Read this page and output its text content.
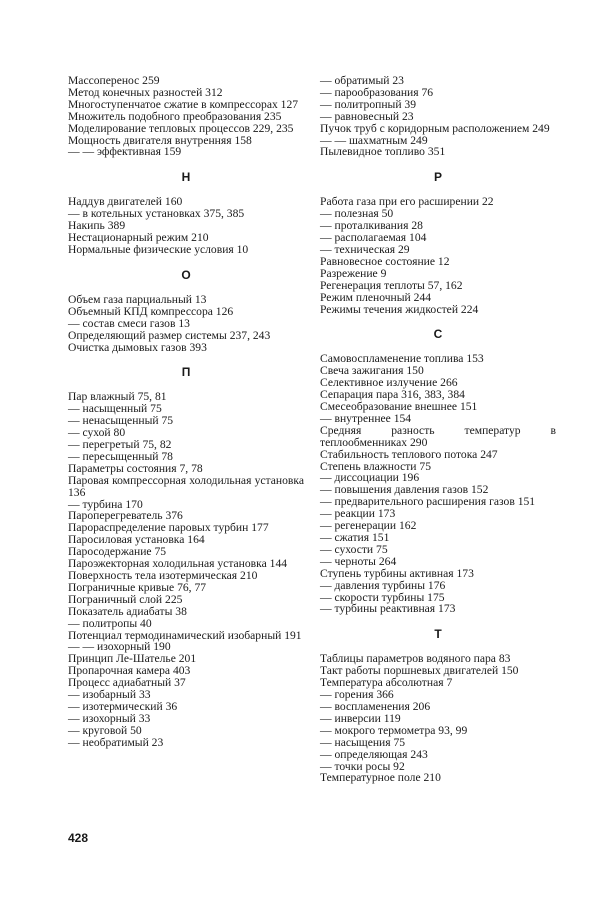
Массоперенос 259
Метод конечных разностей 312
Многоступенчатое сжатие в компрессорах 127
Множитель подобного преобразования 235
Моделирование тепловых процессов 229, 235
Мощность двигателя внутренняя 158
— — эффективная 159
Н
Наддув двигателей 160
— в котельных установках 375, 385
Накипь 389
Нестационарный режим 210
Нормальные физические условия 10
О
Объем газа парциальный 13
Объемный КПД компрессора 126
— состав смеси газов 13
Определяющий размер системы 237, 243
Очистка дымовых газов 393
П
Пар влажный 75, 81
— насыщенный 75
— ненасыщенный 75
— сухой 80
— перегретый 75, 82
— пересыщенный 78
Параметры состояния 7, 78
Паровая компрессорная холодильная установка 136
— турбина 170
Пароперегреватель 376
Парораспределение паровых турбин 177
Паросиловая установка 164
Паросодержание 75
Пароэжекторная холодильная установка 144
Поверхность тела изотермическая 210
Пограничные кривые 76, 77
Пограничный слой 225
Показатель адиабаты 38
— политропы 40
Потенциал термодинамический изобарный 191
— — изохорный 190
Принцип Ле-Шателье 201
Пропарочная камера 403
Процесс адиабатный 37
— изобарный 33
— изотермический 36
— изохорный 33
— круговой 50
— необратимый 23
— обратимый 23
— парообразования 76
— политропный 39
— равновесный 23
Пучок труб с коридорным расположением 249
— — шахматным 249
Пылевидное топливо 351
Р
Работа газа при его расширении 22
— полезная 50
— проталкивания 28
— располагаемая 104
— техническая 29
Равновесное состояние 12
Разрежение 9
Регенерация теплоты 57, 162
Режим пленочный 244
Режимы течения жидкостей 224
С
Самовоспламенение топлива 153
Свеча зажигания 150
Селективное излучение 266
Сепарация пара 316, 383, 384
Смесеобразование внешнее 151
— внутреннее 154
Средняя разность температур в теплообменниках 290
Стабильность теплового потока 247
Степень влажности 75
— диссоциации 196
— повышения давления газов 152
— предварительного расширения газов 151
— реакции 173
— регенерации 162
— сжатия 151
— сухости 75
— черноты 264
Ступень турбины активная 173
— давления турбины 176
— скорости турбины 175
— турбины реактивная 173
Т
Таблицы параметров водяного пара 83
Такт работы поршневых двигателей 150
Температура абсолютная 7
— горения 366
— воспламенения 206
— инверсии 119
— мокрого термометра 93, 99
— насыщения 75
— определяющая 243
— точки росы 92
Температурное поле 210
428
